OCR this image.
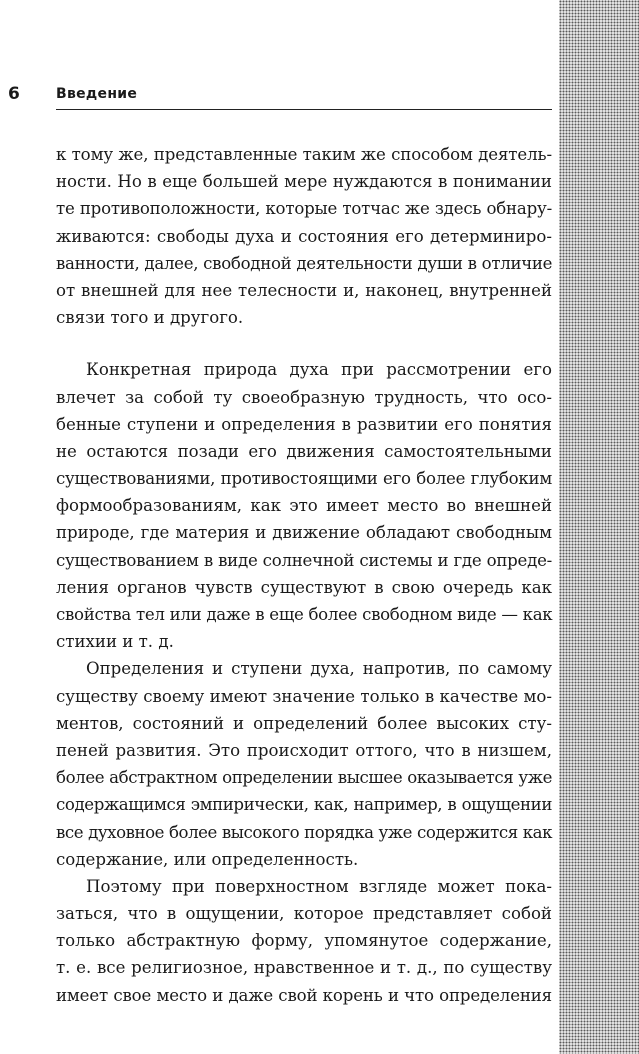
6	Введение
к тому же, представленные таким же способом деятель-
ности. Но в еще большей мере нуждаются в понимании
те противоположности, которые тотчас же здесь обнару-
живаются: свободы духа и состояния его детерминиро-
ванности, далее, свободной деятельности души в отличие
от внешней для нее телесности и, наконец, внутренней
связи того и другого.
Конкретная природа духа при рассмотрении его
влечет за собой ту своеобразную трудность, что осо-
бенные ступени и определения в развитии его понятия
не остаются позади его движения самостоятельными
существованиями, противостоящими его более глубоким
формообразованиям, как это имеет место во внешней
природе, где материя и движение обладают свободным
существованием в виде солнечной системы и где опреде-
ления органов чувств существуют в свою очередь как
свойства тел или даже в еще более свободном виде — как
стихии и т. д.
Определения и ступени духа, напротив, по самому
существу своему имеют значение только в качестве мо-
ментов, состояний и определений более высоких сту-
пеней развития. Это происходит оттого, что в низшем,
более абстрактном определении высшее оказывается уже
содержащимся эмпирически, как, например, в ощущении
все духовное более высокого порядка уже содержится как
содержание, или определенность.
Поэтому при поверхностном взгляде может пока-
заться, что в ощущении, которое представляет собой
только абстрактную форму, упомянутое содержание,
т. е. все религиозное, нравственное и т. д., по существу
имеет свое место и даже свой корень и что определения
